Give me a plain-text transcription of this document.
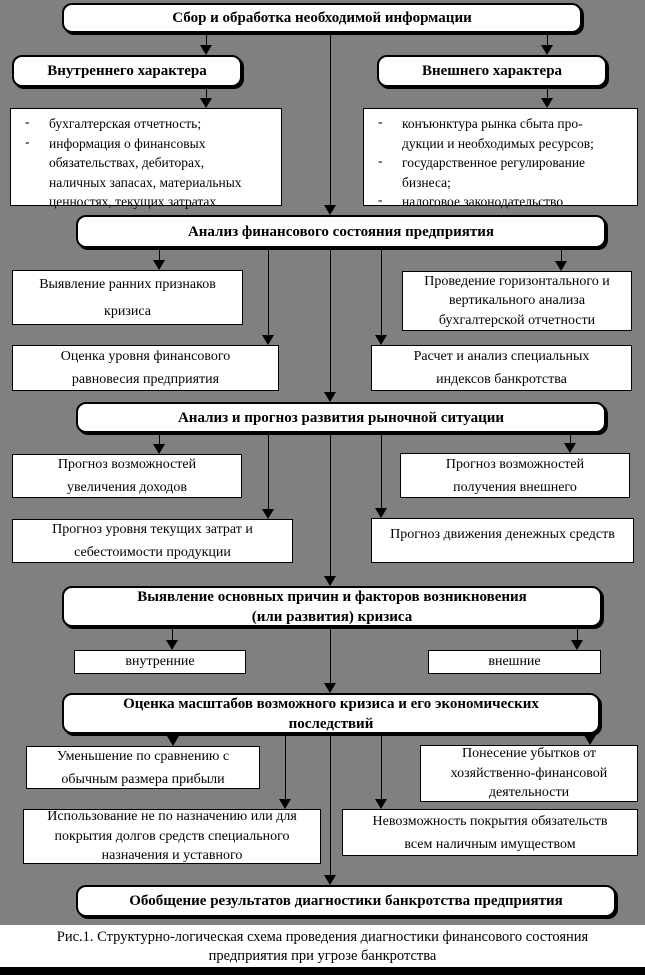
Сбор и обработка необходимой информации
Внутреннего характера	Внешнего характера
-	бухгалтерская отчетность;
-	информация о финансовых
обязательствах, дебиторах,
наличных запасах, материальных
ценностях, текущих затратах
-	конъюнктура рынка сбыта про-
дукции и необходимых ресурсов;
-	государственное регулирование
бизнеса;
-	налоговое законодательство
Анализ финансового состояния предприятия
Выявление ранних признаков
кризиса
Проведение горизонтального и
вертикального анализа
бухгалтерской отчетности
Оценка уровня финансового
равновесия предприятия
Расчет и анализ специальных
индексов банкротства
Анализ и прогноз развития рыночной ситуации
Прогноз возможностей
увеличения доходов
Прогноз возможностей
получения внешнего
Прогноз уровня текущих затрат и
себестоимости продукции
Прогноз движения денежных средств
Выявление основных причин и факторов возникновения
(или развития) кризиса
внутренние	внешние
Оценка масштабов возможного кризиса и его экономических
последствий
Уменьшение по сравнению с
обычным размера прибыли
Понесение убытков от
хозяйственно-финансовой
деятельности
Использование не по назначению или для
покрытия долгов средств специального
назначения и уставного
Невозможность покрытия обязательств
всем наличным имуществом
Обобщение результатов диагностики банкротства предприятия
Рис.1. Структурно-логическая схема проведения диагностики финансового состояния
предприятия при угрозе банкротства
